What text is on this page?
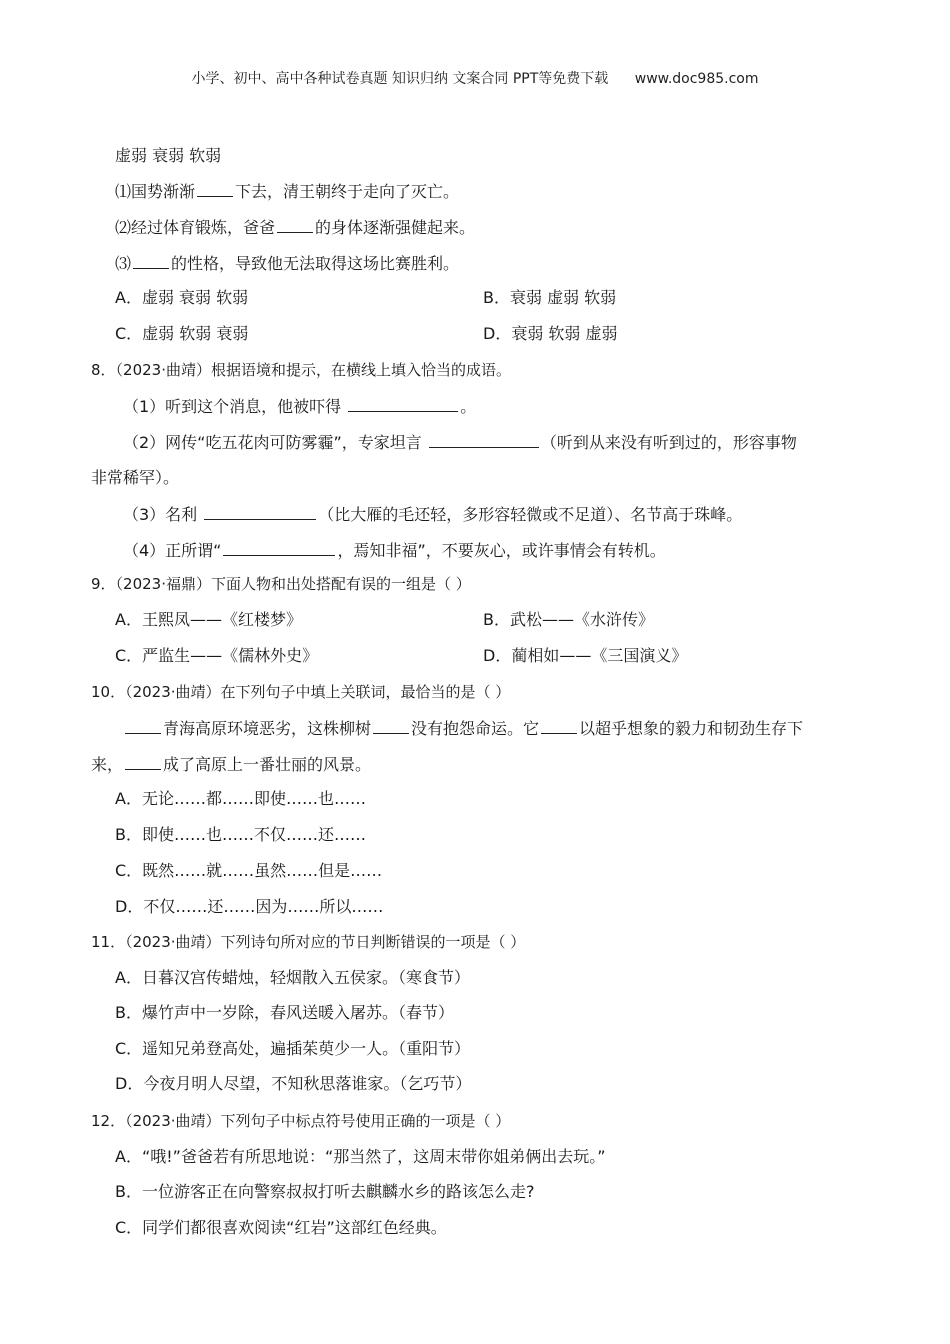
小学、初中、高中各种试卷真题 知识归纳 文案合同 PPT等免费下载 www.doc985.com
虚弱 衰弱 软弱
⑴国势渐渐	下去，清王朝终于走向了灭亡。
⑵经过体育锻炼，爸爸	的身体逐渐强健起来。
⑶	的性格，导致他无法取得这场比赛胜利。
A．虚弱 衰弱 软弱	B．衰弱 虚弱 软弱
C．虚弱 软弱 衰弱	D．衰弱 软弱 虚弱
8．（2023·曲靖）根据语境和提示，在横线上填入恰当的成语。
（1）听到这个消息，他被吓得	。
（2）网传“吃五花肉可防雾霾”，专家坦言	（听到从来没有听到过的，形容事物
非常稀罕）。
（3）名利	（比大雁的毛还轻，多形容轻微或不足道）、名节高于珠峰。
（4）正所谓“	，焉知非福”，不要灰心，或许事情会有转机。
9．（2023·福鼎）下面人物和出处搭配有误的一组是（ ）
A．王熙凤——《红楼梦》	B．武松——《水浒传》
C．严监生——《儒林外史》	D．蔺相如——《三国演义》
10．（2023·曲靖）在下列句子中填上关联词，最恰当的是（ ）
青海高原环境恶劣，这株柳树	没有抱怨命运。它	以超乎想象的毅力和韧劲生存下
来，	成了高原上一番壮丽的风景。
A．无论……都……即使……也……
B．即使……也……不仅……还……
C．既然……就……虽然……但是……
D．不仅……还……因为……所以……
11．（2023·曲靖）下列诗句所对应的节日判断错误的一项是（ ）
A．日暮汉宫传蜡烛，轻烟散入五侯家。（寒食节）
B．爆竹声中一岁除，春风送暖入屠苏。（春节）
C．遥知兄弟登高处，遍插茱萸少一人。（重阳节）
D．今夜月明人尽望，不知秋思落谁家。（乞巧节）
12．（2023·曲靖）下列句子中标点符号使用正确的一项是（ ）
A．“哦!”爸爸若有所思地说：“那当然了，这周末带你姐弟俩出去玩。”
B．一位游客正在向警察叔叔打听去麒麟水乡的路该怎么走?
C．同学们都很喜欢阅读“红岩”这部红色经典。
